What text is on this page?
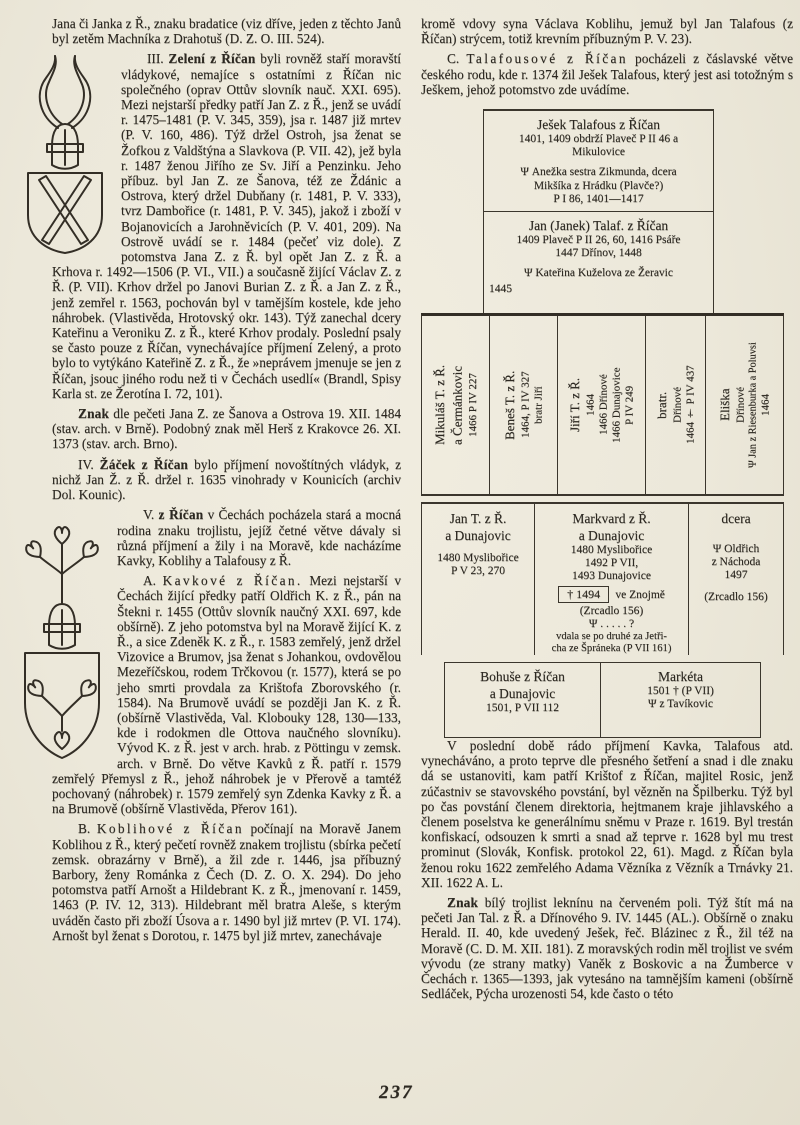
Jana či Janka z Ř., znaku bradatice (viz dříve, jeden z těchto Janů byl zetěm Machníka z Drahotuš (D. Z. O. III. 524).

III. Zelení z Říčan byli rovněž staří moravští
vládykové, nemajíce s ostatními z Říčan nic společného (oprav Ottův slovník nauč. XXI. 695). Mezi nejstarší předky patří Jan Z. z Ř., jenž se uvádí r. 1475–1481 (P. V. 345, 359), jsa r. 1487 již mrtev (P. V. 160, 486). Týž držel Ostroh, jsa ženat se Žofkou z Valdštýna a Slavkova (P. VII. 42), jež byla r. 1487 ženou Jiřího ze Sv. Jiří a Penzinku. Jeho příbuz. byl Jan Z. ze Šanova, též ze Ždánic a Ostrova, který držel Dubňany (r. 1481, P. V. 333), tvrz Dambořice (r. 1481, P. V. 345), jakož i zboží v Bojanovicích a Jarohněvicích (P. V. 401, 209). Na Ostrově uvádí se r. 1484 (pečeť viz dole). Z potomstva Jana Z. z Ř. byl opět Jan Z. z Ř. a Krhova r. 1492—1506 (P. VI., VII.) a současně žijící Václav Z. z Ř. (P. VII). Krhov držel po Janovi Burian Z. z Ř. a Jan Z. z Ř., jenž zemřel r. 1563, pochován byl v tamějším kostele, kde jeho náhrobek. (Vlastivěda, Hrotovský okr. 143). Týž zanechal dcery Kateřinu a Veroniku Z. z Ř., které Krhov prodaly. Poslední psaly se často pouze z Říčan, vynechávajíce příjmení Zelený, a proto bylo to vytýkáno Kateřině Z. z Ř., že »neprávem jmenuje se jen z Říčan, jsouc jiného rodu než ti v Čechách usedlí« (Brandl, Spisy Karla st. ze Žerotína I. 72, 101).

Znak dle pečeti Jana Z. ze Šanova a Ostrova 19. XII. 1484 (stav. arch. v Brně). Podobný znak měl Herš z Krakovce 26. XI. 1373 (stav. arch. Brno).

IV. Žáček z Říčan bylo příjmení novoštítných vládyk, z nichž Jan Ž. z Ř. držel r. 1635 vinohrady v Kounicích (archiv Dol. Kounic).

V. z Říčan v Čechách pocházela stará a mocná
rodina znaku trojlistu, jejíž četné větve dávaly si různá příjmení a žily i na Moravě, kde nacházíme Kavky, Koblihy a Talafousy z Ř.

A. Kavkové z Říčan. Mezi nejstarší v Čechách žijící předky patří Oldřich K. z Ř., pán na Štekni r. 1455 (Ottův slovník naučný XXI. 697, kde obšírně). Z jeho potomstva byl na Moravě žijící K. z Ř., a sice Zdeněk K. z Ř., r. 1583 zemřelý, jenž držel Vizovice a Brumov, jsa ženat s Johankou, ovdovělou Mezeříčskou, rodem Trčkovou (r. 1577), která se po jeho smrti provdala za Krištofa Zborovského (r. 1584). Na Brumově uvádí se později Jan K. z Ř. (obšírně Vlastivěda, Val. Klobouky 128, 130—133, kde i rodokmen dle Ottova naučného slovníku). Vývod K. z Ř. jest v arch. hrab. z Pöttingu v zemsk. arch. v Brně. Do větve Kavků z Ř. patří r. 1579 zemřelý Přemysl z Ř., jehož náhrobek je v Přerově a tamtéž pochovaný (náhrobek) r. 1579 zemřelý syn Zdenka Kavky z Ř. a na Brumově (obšírně Vlastivěda, Přerov 161).

B. Koblihové z Říčan počínají na Moravě Janem Koblihou z Ř., který pečetí rovněž znakem trojlistu (sbírka pečetí zemsk. obrazárny v Brně), a žil zde r. 1446, jsa příbuzný Barbory, ženy Románka z Čech (D. Z. O. X. 294). Do jeho potomstva patří Arnošt a Hildebrant K. z Ř., jmenovaní r. 1459, 1463 (P. IV. 12, 313). Hildebrant měl bratra Aleše, s kterým uváděn často při zboží Úsova a r. 1490 byl již mrtev (P. VI. 174). Arnošt byl ženat s Dorotou, r. 1475 byl již mrtev, zanechávaje

kromě vdovy syna Václava Koblihu, jemuž byl Jan Talafous (z Říčan) strýcem, totiž krevním příbuzným P. V. 23).

C. Talafousové z Říčan pocházeli z čáslavské větve českého rodu, kde r. 1374 žil Ješek Talafous, který jest asi totožným s Ješkem, jehož potomstvo zde uvádíme.

Ješek Talafous z Říčan
1401, 1409 obdrží Plaveč P II 46 a
Mikulovice
Ψ Anežka sestra Zikmunda, dcera
Mikšíka z Hrádku (Plavče?)
P I 86, 1401—1417
Jan (Janek) Talaf. z Říčan
1409 Plaveč P II 26, 60, 1416 Psáře
1447 Dřínov, 1448
Ψ Kateřina Kuželova ze Žeravic
1445
Mikuláš T. z Ř. a Čermánkovic 1466 P IV 227 Beneš T. z Ř. 1464, P IV 327 bratr Jiří Jiří T. z Ř. 1464 1466 Dřínové 1466 Dunajovice P IV 249 bratr. Dřínové 1464 † P IV 437 Eliška Dřínové Ψ Jan z Riesenburka a Poluvsi 1464
Jan T. z Ř.
a Dunajovic
1480 Myslibořice
P V 23, 270
Markvard z Ř.
a Dunajovic
1480 Myslibořice
1492 P VII,
1493 Dunajovice
† 1494 ve Znojmě
(Zrcadlo 156)
Ψ . . . . . ?
vdala se po druhé za Jetři-
cha ze Špráneka (P VII 161)
dcera
Ψ Oldřich
z Náchoda
1497
(Zrcadlo 156)
Bohuše z Říčan
a Dunajovic
1501, P VII 112
Markéta
1501 † (P VII)
Ψ z Tavíkovic

V poslední době rádo příjmení Kavka, Talafous atd. vynecháváno, a proto teprve dle přesného šetření a snad i dle znaku dá se ustanoviti, kam patří Krištof z Říčan, majitel Rosic, jenž zúčastniv se stavovského povstání, byl vězněn na Špilberku. Týž byl po čas povstání členem direktoria, hejtmanem kraje jihlavského a členem poselstva ke generálnímu sněmu v Praze r. 1619. Byl trestán konfiskací, odsouzen k smrti a snad až teprve r. 1628 byl mu trest prominut (Slovák, Konfisk. protokol 22, 61). Magd. z Říčan byla ženou roku 1622 zemřelého Adama Vězníka z Vězník a Trnávky 21. XII. 1622 A. L.

Znak bílý trojlist leknínu na červeném poli. Týž štít má na pečeti Jan Tal. z Ř. a Dřínového 9. IV. 1445 (AL.). Obšírně o znaku Herald. II. 40, kde uvedený Ješek, řeč. Blázinec z Ř., žil též na Moravě (C. D. M. XII. 181). Z moravských rodin měl trojlist ve svém vývodu (ze strany matky) Vaněk z Boskovic a na Žumberce v Čechách r. 1365—1393, jak vytesáno na tamnějším kameni (obšírně Sedláček, Pýcha urozenosti 54, kde často o této

237
